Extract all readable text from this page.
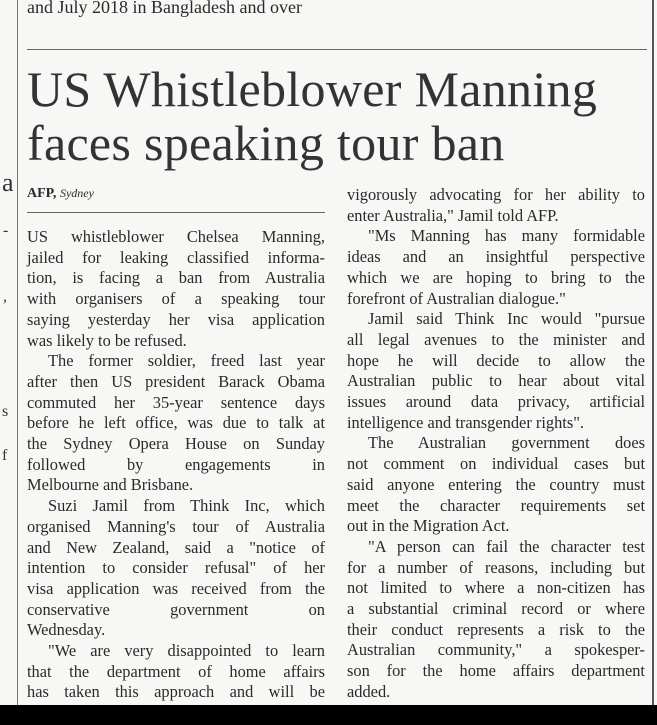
and July 2018 in Bangladesh and over
a
-
,
s
f
US Whistleblower Manning faces speaking tour ban
AFP, Sydney

US whistleblower Chelsea Manning,
jailed for leaking classified informa-
tion, is facing a ban from Australia
with organisers of a speaking tour
saying yesterday her visa application
was likely to be refused.

The former soldier, freed last year
after then US president Barack Obama
commuted her 35-year sentence days
before he left office, was due to talk at
the Sydney Opera House on Sunday
followed by engagements in
Melbourne and Brisbane.

Suzi Jamil from Think Inc, which
organised Manning's tour of Australia
and New Zealand, said a "notice of
intention to consider refusal" of her
visa application was received from the
conservative government on
Wednesday.

"We are very disappointed to learn
that the department of home affairs
has taken this approach and will be

vigorously advocating for her ability to
enter Australia," Jamil told AFP.

"Ms Manning has many formidable
ideas and an insightful perspective
which we are hoping to bring to the
forefront of Australian dialogue."

Jamil said Think Inc would "pursue
all legal avenues to the minister and
hope he will decide to allow the
Australian public to hear about vital
issues around data privacy, artificial
intelligence and transgender rights".

The Australian government does
not comment on individual cases but
said anyone entering the country must
meet the character requirements set
out in the Migration Act.

"A person can fail the character test
for a number of reasons, including but
not limited to where a non-citizen has
a substantial criminal record or where
their conduct represents a risk to the
Australian community," a spokesper-
son for the home affairs department
added.
